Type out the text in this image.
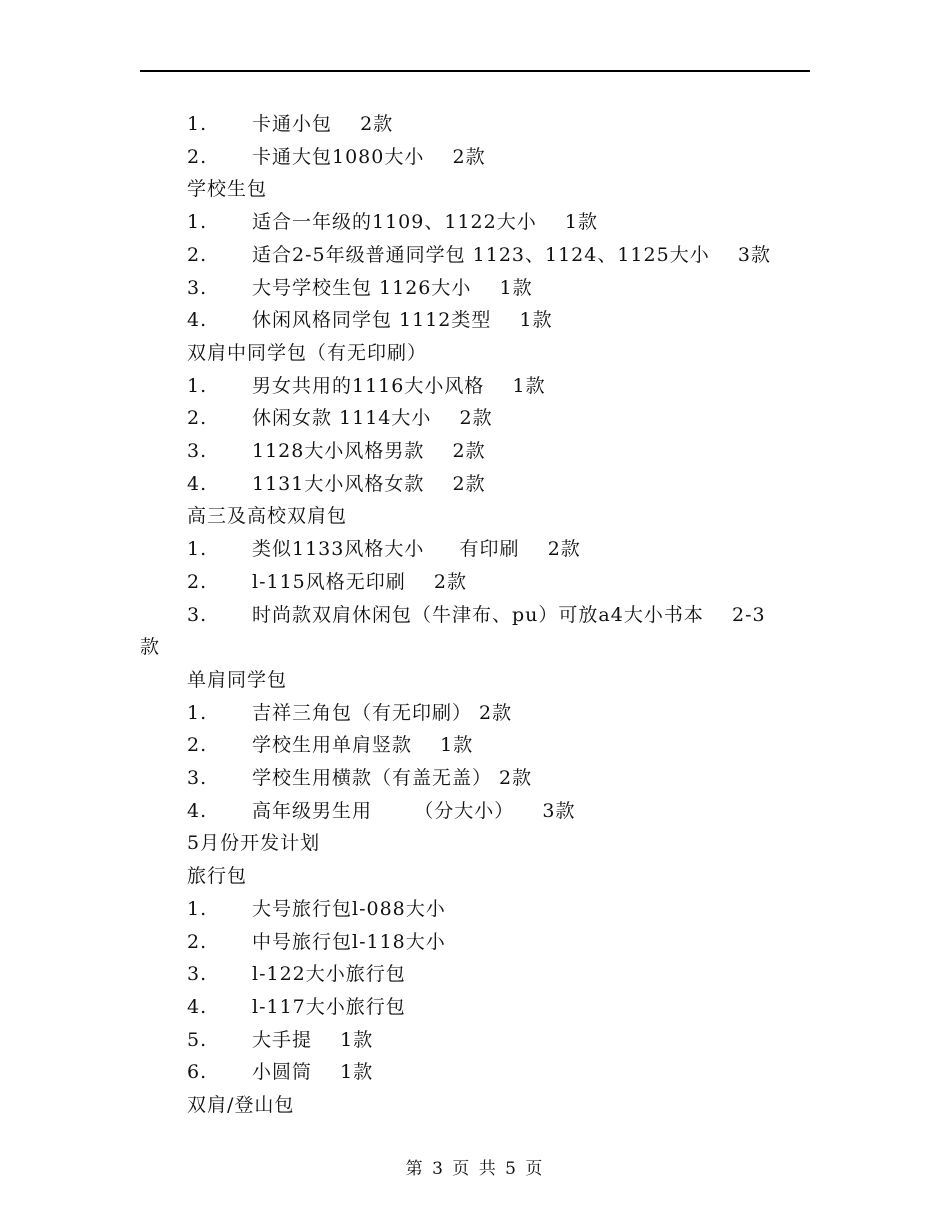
1. 卡通小包    2款
2. 卡通大包1080大小    2款
学校生包
1. 适合一年级的1109、1122大小    1款
2. 适合2-5年级普通同学包 1123、1124、1125大小    3款
3. 大号学校生包 1126大小    1款
4. 休闲风格同学包 1112类型    1款
双肩中同学包（有无印刷）
1. 男女共用的1116大小风格    1款
2. 休闲女款 1114大小    2款
3. 1128大小风格男款    2款
4. 1131大小风格女款    2款
高三及高校双肩包
1. 类似1133风格大小     有印刷    2款
2. l-115风格无印刷    2款
3. 时尚款双肩休闲包（牛津布、pu）可放a4大小书本    2-3
款
单肩同学包
1. 吉祥三角包（有无印刷） 2款
2. 学校生用单肩竖款    1款
3. 学校生用横款（有盖无盖） 2款
4. 高年级男生用      （分大小）    3款
5月份开发计划
旅行包
1. 大号旅行包l-088大小
2. 中号旅行包l-118大小
3. l-122大小旅行包
4. l-117大小旅行包
5. 大手提    1款
6. 小圆筒    1款
双肩/登山包
第 3 页 共 5 页
